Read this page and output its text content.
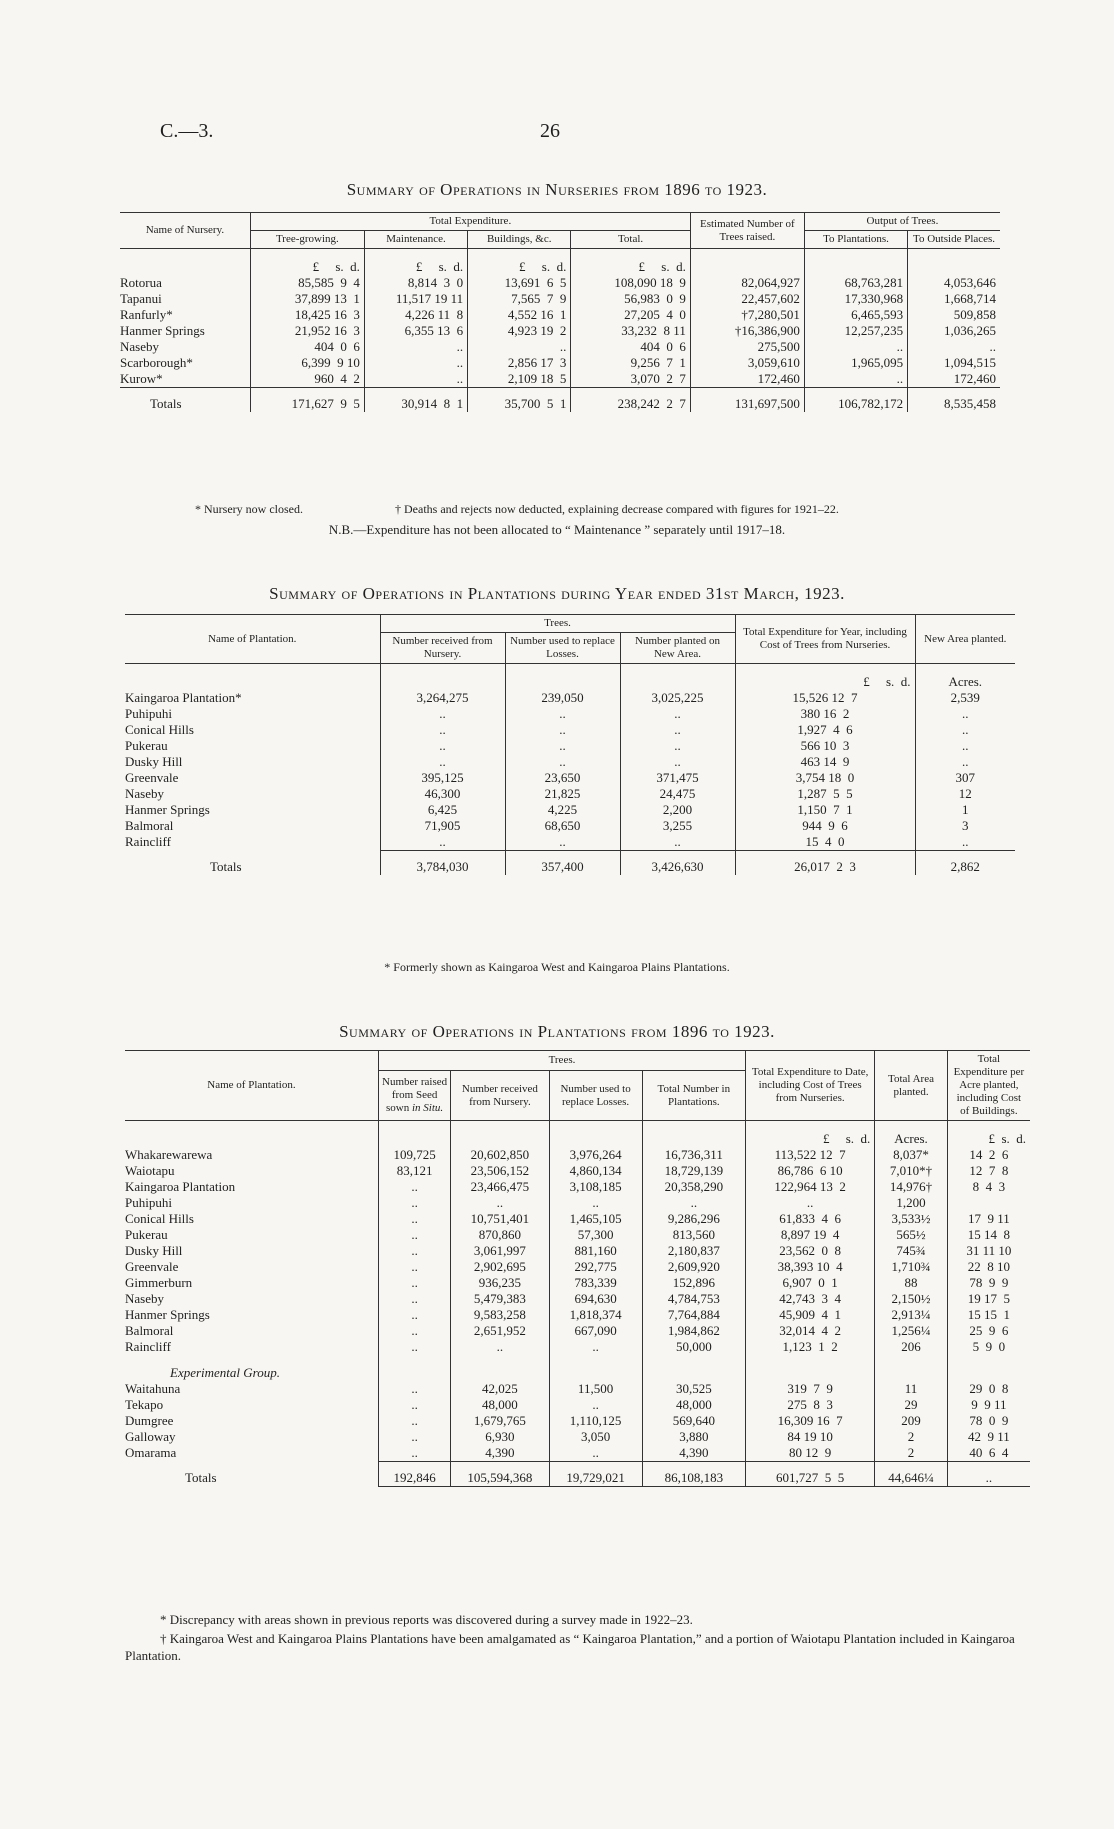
C.—3.	26
Summary of Operations in Nurseries from 1896 to 1923.
Name of Nursery.	Total Expenditure.				Estimated Number of Trees raised.	Output of Trees.	
	Tree-growing.	Maintenance.	Buildings, &c.	Total.		To Plantations.	To Outside Places.
	£     s.  d.	£     s.  d.	£     s.  d.	£     s.  d.			
Rotorua	85,585  9  4	8,814  3  0	13,691  6  5	108,090 18  9	82,064,927	68,763,281	4,053,646
Tapanui	37,899 13  1	11,517 19 11	7,565  7  9	56,983  0  9	22,457,602	17,330,968	1,668,714
Ranfurly*	18,425 16  3	4,226 11  8	4,552 16  1	27,205  4  0	†7,280,501	6,465,593	509,858
Hanmer Springs	21,952 16  3	6,355 13  6	4,923 19  2	33,232  8 11	†16,386,900	12,257,235	1,036,265
Naseby	404  0  6	..	..	404  0  6	275,500	..	..
Scarborough*	6,399  9 10	..	2,856 17  3	9,256  7  1	3,059,610	1,965,095	1,094,515
Kurow*	960  4  2	..	2,109 18  5	3,070  2  7	172,460	..	172,460
Totals	171,627  9  5	30,914  8  1	35,700  5  1	238,242  2  7	131,697,500	106,782,172	8,535,458
* Nursery now closed.	† Deaths and rejects now deducted, explaining decrease compared with figures for 1921–22.
N.B.—Expenditure has not been allocated to “ Maintenance ” separately until 1917–18.
Summary of Operations in Plantations during Year ended 31st March, 1923.
Name of Plantation.	Trees.			Total Expenditure for Year, including Cost of Trees from Nurseries.	New Area planted.
	Number received from Nursery.	Number used to replace Losses.	Number planted on New Area.		
				£     s.  d.	Acres.
Kaingaroa Plantation*	3,264,275	239,050	3,025,225	15,526 12  7	2,539
Puhipuhi	..	..	..	380 16  2	..
Conical Hills	..	..	..	1,927  4  6	..
Pukerau	..	..	..	566 10  3	..
Dusky Hill	..	..	..	463 14  9	..
Greenvale	395,125	23,650	371,475	3,754 18  0	307
Naseby	46,300	21,825	24,475	1,287  5  5	12
Hanmer Springs	6,425	4,225	2,200	1,150  7  1	1
Balmoral	71,905	68,650	3,255	944  9  6	3
Raincliff	..	..	..	15  4  0	..
Totals	3,784,030	357,400	3,426,630	26,017  2  3	2,862
* Formerly shown as Kaingaroa West and Kaingaroa Plains Plantations.
Summary of Operations in Plantations from 1896 to 1923.
Name of Plantation.	Trees.				Total Expenditure to Date, including Cost of Trees from Nurseries.	Total Area planted.	Total Expenditure per Acre planted, including Cost of Buildings.
	Number raised from Seed sown in Situ.	Number received from Nursery.	Number used to replace Losses.	Total Number in Plantations.			
					£     s.  d.	Acres.	£  s.  d.
Whakarewarewa	109,725	20,602,850	3,976,264	16,736,311	113,522 12  7	8,037*	14  2  6
Waiotapu	83,121	23,506,152	4,860,134	18,729,139	86,786  6 10	7,010*†	12  7  8
Kaingaroa Plantation	..	23,466,475	3,108,185	20,358,290	122,964 13  2	14,976†	8  4  3
Puhipuhi	..	..	..	..	..	1,200	
Conical Hills	..	10,751,401	1,465,105	9,286,296	61,833  4  6	3,533½	17  9 11
Pukerau	..	870,860	57,300	813,560	8,897 19  4	565½	15 14  8
Dusky Hill	..	3,061,997	881,160	2,180,837	23,562  0  8	745¾	31 11 10
Greenvale	..	2,902,695	292,775	2,609,920	38,393 10  4	1,710¾	22  8 10
Gimmerburn	..	936,235	783,339	152,896	6,907  0  1	88	78  9  9
Naseby	..	5,479,383	694,630	4,784,753	42,743  3  4	2,150½	19 17  5
Hanmer Springs	..	9,583,258	1,818,374	7,764,884	45,909  4  1	2,913¼	15 15  1
Balmoral	..	2,651,952	667,090	1,984,862	32,014  4  2	1,256¼	25  9  6
Raincliff	..	..	..	50,000	1,123  1  2	206	5  9  0
Experimental Group.							
Waitahuna	..	42,025	11,500	30,525	319  7  9	11	29  0  8
Tekapo	..	48,000	..	48,000	275  8  3	29	9  9 11
Dumgree	..	1,679,765	1,110,125	569,640	16,309 16  7	209	78  0  9
Galloway	..	6,930	3,050	3,880	84 19 10	2	42  9 11
Omarama	..	4,390	..	4,390	80 12  9	2	40  6  4
Totals	192,846	105,594,368	19,729,021	86,108,183	601,727  5  5	44,646¼	..
* Discrepancy with areas shown in previous reports was discovered during a survey made in 1922–23.
† Kaingaroa West and Kaingaroa Plains Plantations have been amalgamated as “ Kaingaroa Plantation,” and a portion of Waiotapu Plantation included in Kaingaroa Plantation.
